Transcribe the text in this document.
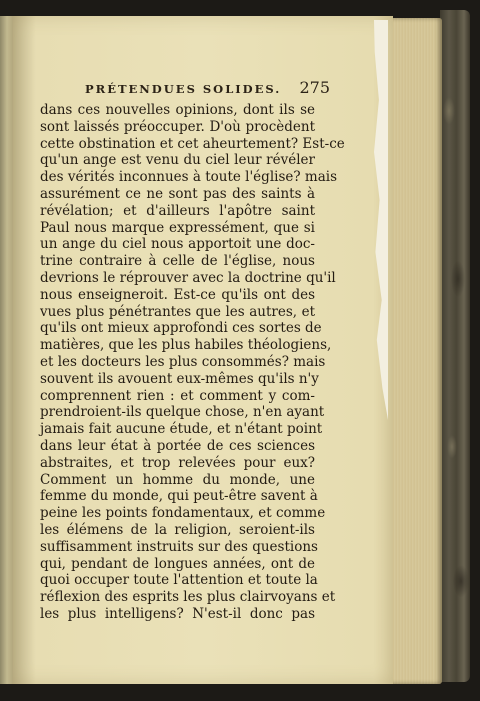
PRÉTENDUES SOLIDES. 275
dans ces nouvelles opinions, dont ils se
sont laissés préoccuper. D'où procèdent
cette obstination et cet aheurtement? Est-ce
qu'un ange est venu du ciel leur révéler
des vérités inconnues à toute l'église? mais
assurément ce ne sont pas des saints à
révélation; et d'ailleurs l'apôtre saint
Paul nous marque expressément, que si
un ange du ciel nous apportoit une doc-
trine contraire à celle de l'église, nous
devrions le réprouver avec la doctrine qu'il
nous enseigneroit. Est-ce qu'ils ont des
vues plus pénétrantes que les autres, et
qu'ils ont mieux approfondi ces sortes de
matières, que les plus habiles théologiens,
et les docteurs les plus consommés? mais
souvent ils avouent eux-mêmes qu'ils n'y
comprennent rien : et comment y com-
prendroient-ils quelque chose, n'en ayant
jamais fait aucune étude, et n'étant point
dans leur état à portée de ces sciences
abstraites, et trop relevées pour eux?
Comment un homme du monde, une
femme du monde, qui peut-être savent à
peine les points fondamentaux, et comme
les élémens de la religion, seroient-ils
suffisamment instruits sur des questions
qui, pendant de longues années, ont de
quoi occuper toute l'attention et toute la
réflexion des esprits les plus clairvoyans et
les plus intelligens? N'est-il donc pas
